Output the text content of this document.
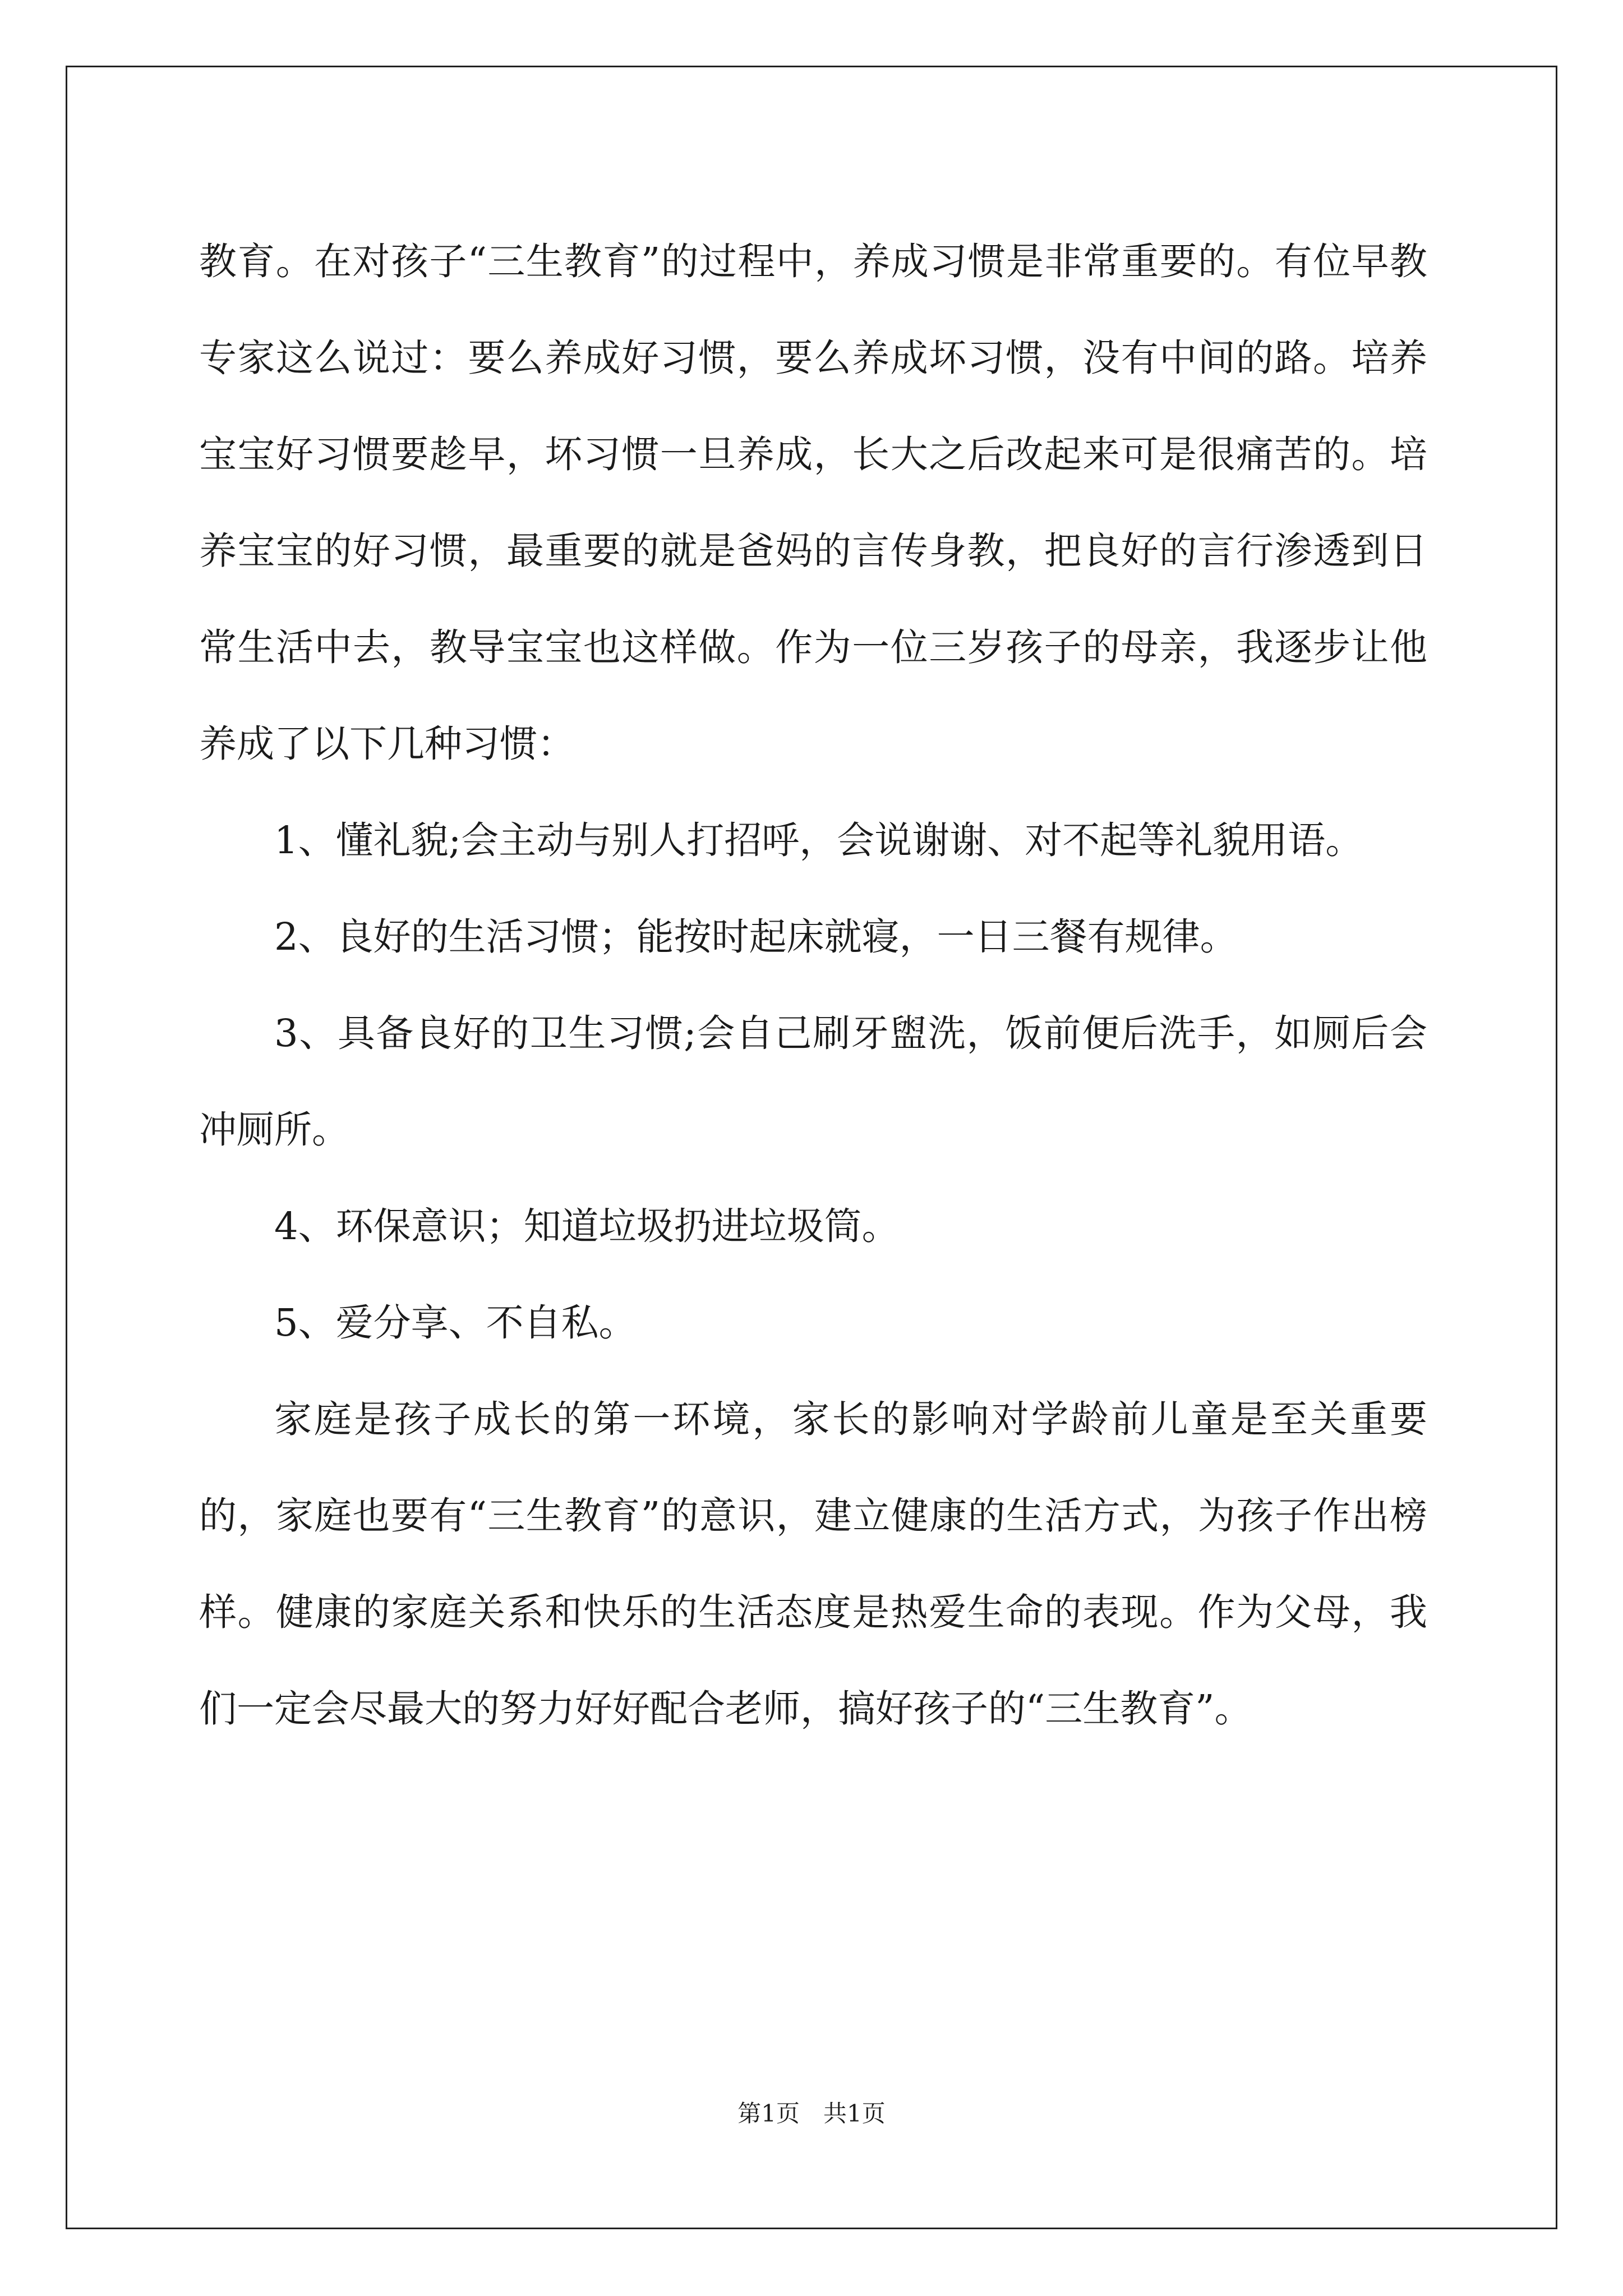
教育。在对孩子“三生教育”的过程中，养成习惯是非常重要的。有位早教专家这么说过：要么养成好习惯，要么养成坏习惯，没有中间的路。培养宝宝好习惯要趁早，坏习惯一旦养成，长大之后改起来可是很痛苦的。培养宝宝的好习惯，最重要的就是爸妈的言传身教，把良好的言行渗透到日常生活中去，教导宝宝也这样做。作为一位三岁孩子的母亲，我逐步让他养成了以下几种习惯：

1、懂礼貌;会主动与别人打招呼，会说谢谢、对不起等礼貌用语。

2、良好的生活习惯；能按时起床就寝，一日三餐有规律。

3、具备良好的卫生习惯;会自己刷牙盥洗，饭前便后洗手，如厕后会冲厕所。

4、环保意识；知道垃圾扔进垃圾筒。

5、爱分享、不自私。

家庭是孩子成长的第一环境，家长的影响对学龄前儿童是至关重要的，家庭也要有“三生教育”的意识，建立健康的生活方式，为孩子作出榜样。健康的家庭关系和快乐的生活态度是热爱生命的表现。作为父母，我们一定会尽最大的努力好好配合老师，搞好孩子的“三生教育”。

第1页　共1页
